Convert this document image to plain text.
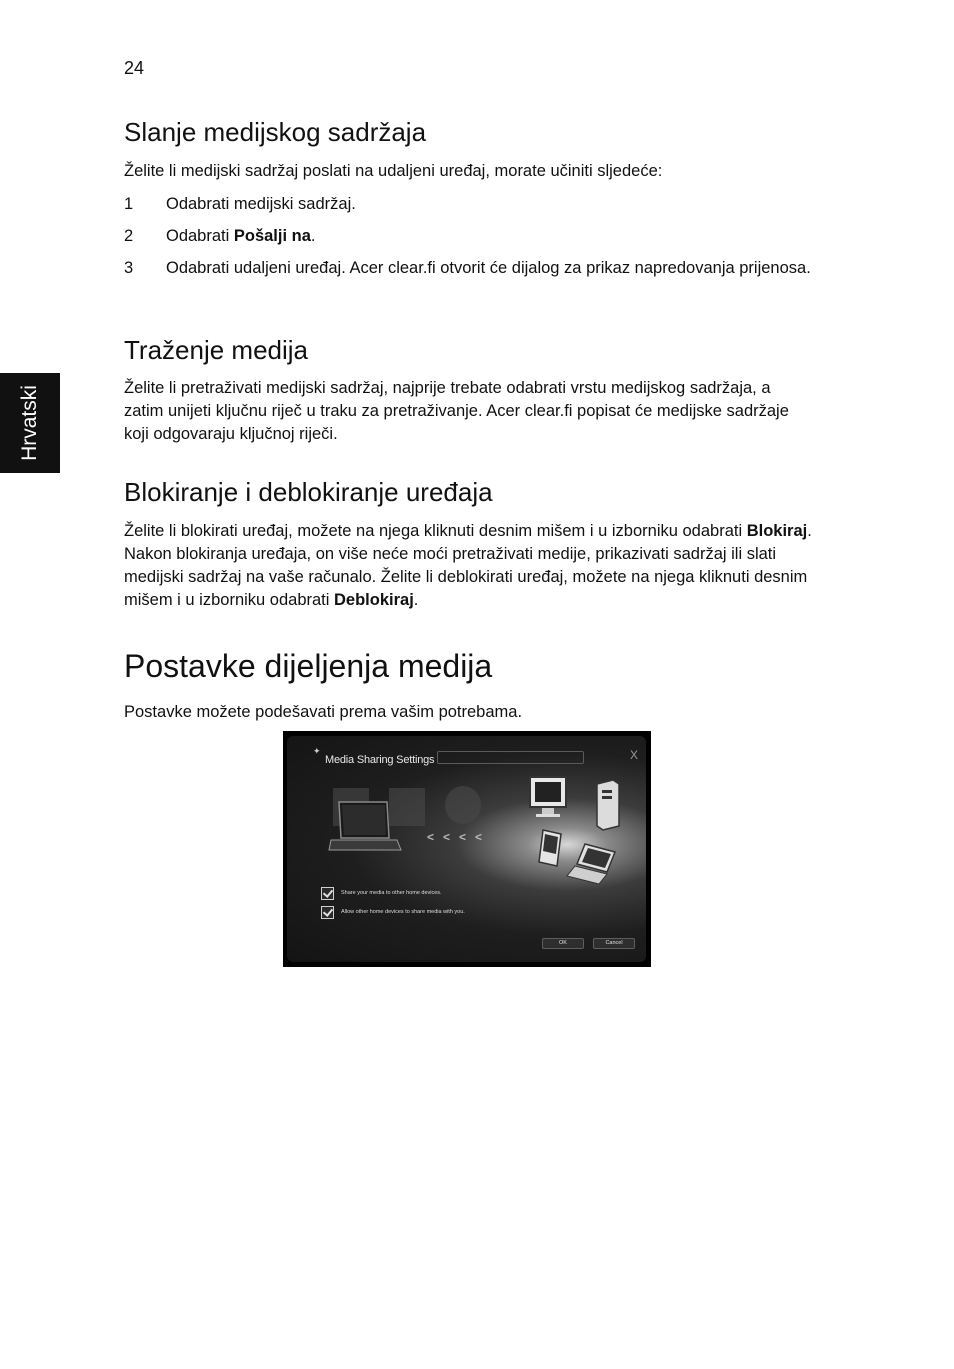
24
Hrvatski
Slanje medijskog sadržaja

Želite li medijski sadržaj poslati na udaljeni uređaj, morate učiniti sljedeće:

1 Odabrati medijski sadržaj.
2 Odabrati Pošalji na.
3 Odabrati udaljeni uređaj. Acer clear.fi otvorit će dijalog za prikaz napredovanja prijenosa.
Traženje medija

Želite li pretraživati medijski sadržaj, najprije trebate odabrati vrstu medijskog sadržaja, a zatim unijeti ključnu riječ u traku za pretraživanje. Acer clear.fi popisat će medijske sadržaje koji odgovaraju ključnoj riječi.

Blokiranje i deblokiranje uređaja

Želite li blokirati uređaj, možete na njega kliknuti desnim mišem i u izborniku odabrati Blokiraj. Nakon blokiranja uređaja, on više neće moći pretraživati medije, prikazivati sadržaj ili slati medijski sadržaj na vaše računalo. Želite li deblokirati uređaj, možete na njega kliknuti desnim mišem i u izborniku odabrati Deblokiraj.

Postavke dijeljenja medija

Postavke možete podešavati prema vašim potrebama.

✦
Media Sharing Settings	X
< < < <
Share your media to other home devices.
Allow other home devices to share media with you.
OK	Cancel
